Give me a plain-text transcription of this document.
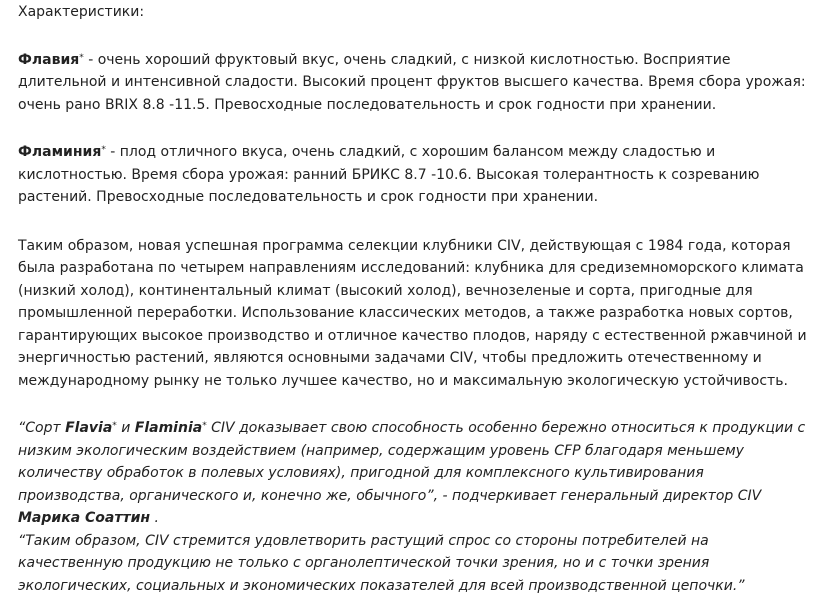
Характеристики:

Флавия* - очень хороший фруктовый вкус, очень сладкий, с низкой кислотностью. Восприятие длительной и интенсивной сладости. Высокий процент фруктов высшего качества. Время сбора урожая: очень рано BRIX 8.8 -11.5. Превосходные последовательность и срок годности при хранении.

Фламиния* - плод отличного вкуса, очень сладкий, с хорошим балансом между сладостью и кислотностью. Время сбора урожая: ранний БРИКС 8.7 -10.6. Высокая толерантность к созреванию растений. Превосходные последовательность и срок годности при хранении.

Таким образом, новая успешная программа селекции клубники CIV, действующая с 1984 года, которая была разработана по четырем направлениям исследований: клубника для средиземноморского климата (низкий холод), континентальный климат (высокий холод), вечнозеленые и сорта, пригодные для промышленной переработки. Использование классических методов, а также разработка новых сортов, гарантирующих высокое производство и отличное качество плодов, наряду с естественной ржавчиной и энергичностью растений, являются основными задачами CIV, чтобы предложить отечественному и международному рынку не только лучшее качество, но и максимальную экологическую устойчивость.

“Сорт Flavia* и Flaminia* CIV доказывает свою способность особенно бережно относиться к продукции с низким экологическим воздействием (например, содержащим уровень CFP благодаря меньшему количеству обработок в полевых условиях), пригодной для комплексного культивирования производства, органического и, конечно же, обычного”, - подчеркивает генеральный директор CIV Марика Соаттин .

“Таким образом, CIV стремится удовлетворить растущий спрос со стороны потребителей на качественную продукцию не только с органолептической точки зрения, но и с точки зрения экологических, социальных и экономических показателей для всей производственной цепочки.”
